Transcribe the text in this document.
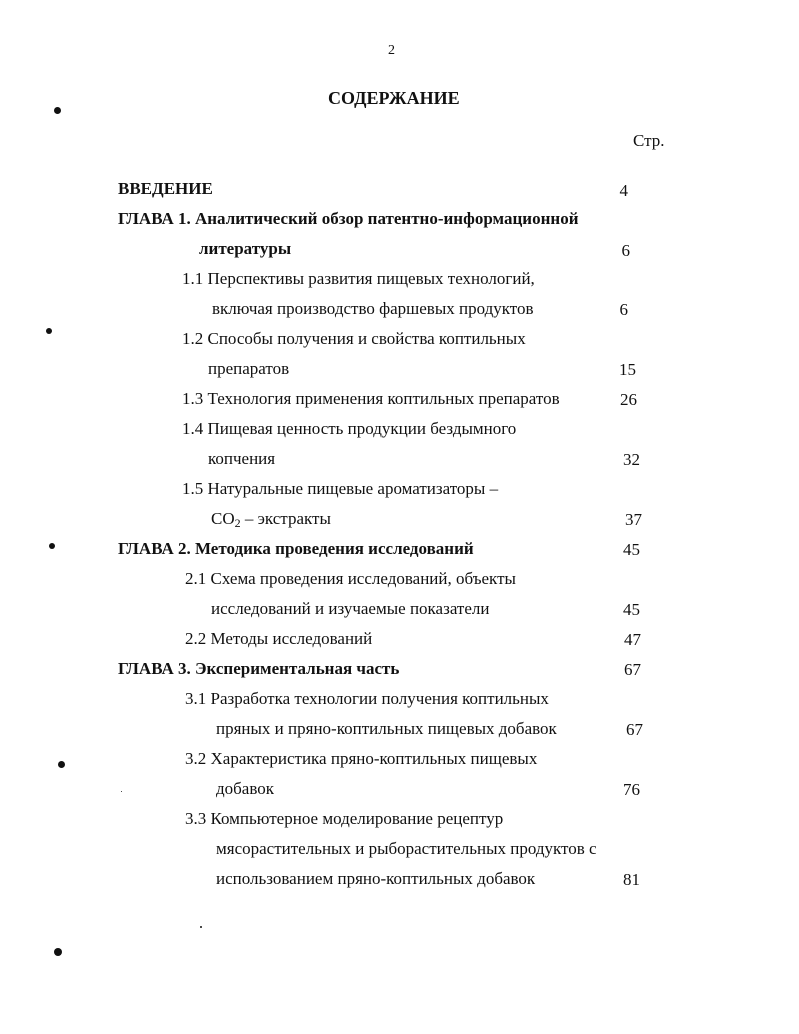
2
СОДЕРЖАНИЕ
Стр.
ВВЕДЕНИЕ	4
ГЛАВА 1. Аналитический обзор патентно-информационной
литературы	6
1.1 Перспективы развития пищевых технологий,
включая производство фаршевых продуктов	6
1.2 Способы получения и свойства коптильных
препаратов	15
1.3 Технология применения коптильных препаратов	26
1.4 Пищевая ценность продукции бездымного
копчения	32
1.5 Натуральные пищевые ароматизаторы –
$CO_2$ – экстракты	37
ГЛАВА 2. Методика проведения исследований	45
2.1 Схема проведения исследований, объекты
исследований и изучаемые показатели	45
2.2 Методы исследований	47
ГЛАВА 3. Экспериментальная часть	67
3.1 Разработка технологии получения коптильных
пряных и пряно-коптильных пищевых добавок	67
3.2 Характеристика пряно-коптильных пищевых
добавок	76
3.3 Компьютерное моделирование рецептур
мясорастительных и рыборастительных продуктов с
использованием пряно-коптильных добавок	81
